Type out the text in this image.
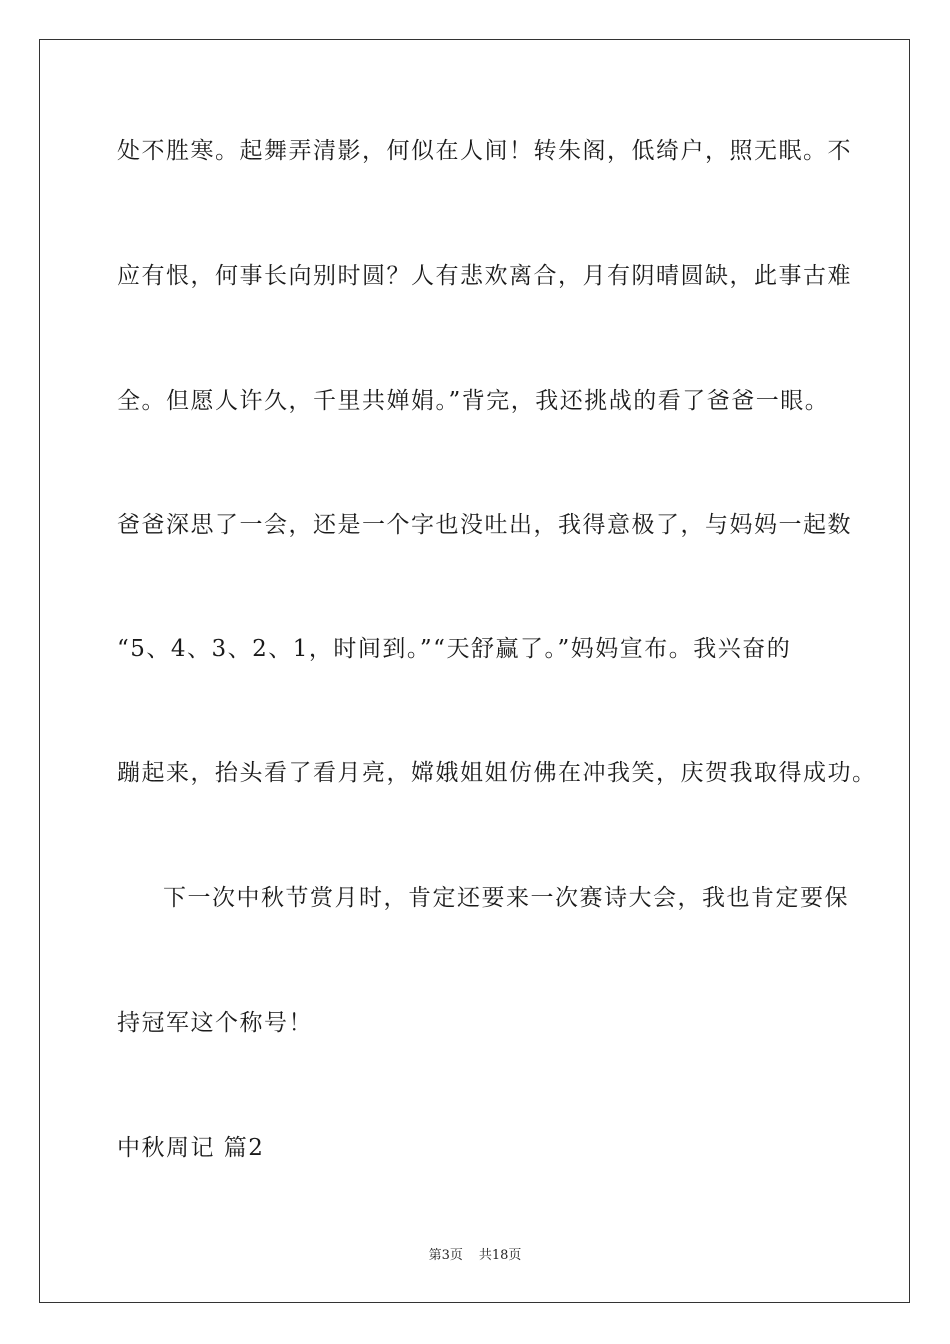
处不胜寒。起舞弄清影，何似在人间！转朱阁，低绮户，照无眠。不
应有恨，何事长向别时圆？人有悲欢离合，月有阴晴圆缺，此事古难
全。但愿人许久，千里共婵娟。”背完，我还挑战的看了爸爸一眼。
爸爸深思了一会，还是一个字也没吐出，我得意极了，与妈妈一起数
“5、4、3、2、1，时间到。”“天舒赢了。”妈妈宣布。我兴奋的
蹦起来，抬头看了看月亮，嫦娥姐姐仿佛在冲我笑，庆贺我取得成功。
下一次中秋节赏月时，肯定还要来一次赛诗大会，我也肯定要保
持冠军这个称号！
中秋周记 篇2
第3页 共18页
